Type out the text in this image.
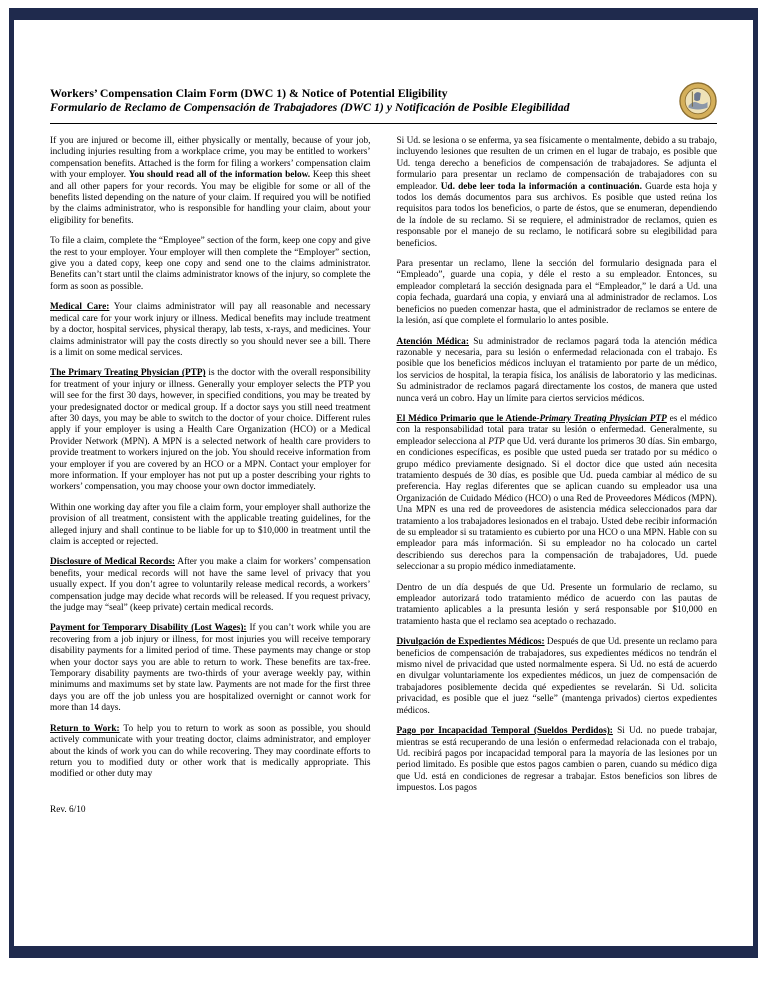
Workers’ Compensation Claim Form (DWC 1) & Notice of Potential Eligibility
Formulario de Reclamo de Compensación de Trabajadores (DWC 1) y Notificación de Posible Elegibilidad

If you are injured or become ill, either physically or mentally, because of your job, including injuries resulting from a workplace crime, you may be entitled to workers’ compensation benefits. Attached is the form for filing a workers’ compensation claim with your employer. You should read all of the information below. Keep this sheet and all other papers for your records. You may be eligible for some or all of the benefits listed depending on the nature of your claim. If required you will be notified by the claims administrator, who is responsible for handling your claim, about your eligibility for benefits.

To file a claim, complete the “Employee” section of the form, keep one copy and give the rest to your employer. Your employer will then complete the “Employer” section, give you a dated copy, keep one copy and send one to the claims administrator. Benefits can’t start until the claims administrator knows of the injury, so complete the form as soon as possible.

Medical Care: Your claims administrator will pay all reasonable and necessary medical care for your work injury or illness. Medical benefits may include treatment by a doctor, hospital services, physical therapy, lab tests, x-rays, and medicines. Your claims administrator will pay the costs directly so you should never see a bill. There is a limit on some medical services.

The Primary Treating Physician (PTP) is the doctor with the overall responsibility for treatment of your injury or illness. Generally your employer selects the PTP you will see for the first 30 days, however, in specified conditions, you may be treated by your predesignated doctor or medical group. If a doctor says you still need treatment after 30 days, you may be able to switch to the doctor of your choice. Different rules apply if your employer is using a Health Care Organization (HCO) or a Medical Provider Network (MPN). A MPN is a selected network of health care providers to provide treatment to workers injured on the job. You should receive information from your employer if you are covered by an HCO or a MPN. Contact your employer for more information. If your employer has not put up a poster describing your rights to workers’ compensation, you may choose your own doctor immediately.

Within one working day after you file a claim form, your employer shall authorize the provision of all treatment, consistent with the applicable treating guidelines, for the alleged injury and shall continue to be liable for up to $10,000 in treatment until the claim is accepted or rejected.

Disclosure of Medical Records: After you make a claim for workers’ compensation benefits, your medical records will not have the same level of privacy that you usually expect. If you don’t agree to voluntarily release medical records, a workers’ compensation judge may decide what records will be released. If you request privacy, the judge may “seal” (keep private) certain medical records.

Payment for Temporary Disability (Lost Wages): If you can’t work while you are recovering from a job injury or illness, for most injuries you will receive temporary disability payments for a limited period of time. These payments may change or stop when your doctor says you are able to return to work. These benefits are tax-free. Temporary disability payments are two-thirds of your average weekly pay, within minimums and maximums set by state law. Payments are not made for the first three days you are off the job unless you are hospitalized overnight or cannot work for more than 14 days.

Return to Work: To help you to return to work as soon as possible, you should actively communicate with your treating doctor, claims administrator, and employer about the kinds of work you can do while recovering. They may coordinate efforts to return you to modified duty or other work that is medically appropriate. This modified or other duty may

Si Ud. se lesiona o se enferma, ya sea físicamente o mentalmente, debido a su trabajo, incluyendo lesiones que resulten de un crimen en el lugar de trabajo, es posible que Ud. tenga derecho a beneficios de compensación de trabajadores. Se adjunta el formulario para presentar un reclamo de compensación de trabajadores con su empleador. Ud. debe leer toda la información a continuación. Guarde esta hoja y todos los demás documentos para sus archivos. Es posible que usted reúna los requisitos para todos los beneficios, o parte de éstos, que se enumeran, dependiendo de la índole de su reclamo. Si se requiere, el administrador de reclamos, quien es responsable por el manejo de su reclamo, le notificará sobre su elegibilidad para beneficios.

Para presentar un reclamo, llene la sección del formulario designada para el “Empleado”, guarde una copia, y déle el resto a su empleador. Entonces, su empleador completará la sección designada para el “Empleador,” le dará a Ud. una copia fechada, guardará una copia, y enviará una al administrador de reclamos. Los beneficios no pueden comenzar hasta, que el administrador de reclamos se entere de la lesión, así que complete el formulario lo antes posible.

Atención Médica: Su administrador de reclamos pagará toda la atención médica razonable y necesaria, para su lesión o enfermedad relacionada con el trabajo. Es posible que los beneficios médicos incluyan el tratamiento por parte de un médico, los servicios de hospital, la terapia física, los análisis de laboratorio y las medicinas. Su administrador de reclamos pagará directamente los costos, de manera que usted nunca verá un cobro. Hay un límite para ciertos servicios médicos.

El Médico Primario que le Atiende-Primary Treating Physician PTP es el médico con la responsabilidad total para tratar su lesión o enfermedad. Generalmente, su empleador selecciona al PTP que Ud. verá durante los primeros 30 días. Sin embargo, en condiciones específicas, es posible que usted pueda ser tratado por su médico o grupo médico previamente designado. Si el doctor dice que usted aún necesita tratamiento después de 30 días, es posible que Ud. pueda cambiar al médico de su preferencia. Hay reglas diferentes que se aplican cuando su empleador usa una Organización de Cuidado Médico (HCO) o una Red de Proveedores Médicos (MPN). Una MPN es una red de proveedores de asistencia médica seleccionados para dar tratamiento a los trabajadores lesionados en el trabajo. Usted debe recibir información de su empleador si su tratamiento es cubierto por una HCO o una MPN. Hable con su empleador para más información. Si su empleador no ha colocado un cartel describiendo sus derechos para la compensación de trabajadores, Ud. puede seleccionar a su propio médico inmediatamente.

Dentro de un día después de que Ud. Presente un formulario de reclamo, su empleador autorizará todo tratamiento médico de acuerdo con las pautas de tratamiento aplicables a la presunta lesión y será responsable por $10,000 en tratamiento hasta que el reclamo sea aceptado o rechazado.

Divulgación de Expedientes Médicos: Después de que Ud. presente un reclamo para beneficios de compensación de trabajadores, sus expedientes médicos no tendrán el mismo nivel de privacidad que usted normalmente espera. Si Ud. no está de acuerdo en divulgar voluntariamente los expedientes médicos, un juez de compensación de trabajadores posiblemente decida qué expedientes se revelarán. Si Ud. solicita privacidad, es posible que el juez “selle” (mantenga privados) ciertos expedientes médicos.

Pago por Incapacidad Temporal (Sueldos Perdidos): Si Ud. no puede trabajar, mientras se está recuperando de una lesión o enfermedad relacionada con el trabajo, Ud. recibirá pagos por incapacidad temporal para la mayoría de las lesiones por un period limitado. Es posible que estos pagos cambien o paren, cuando su médico diga que Ud. está en condiciones de regresar a trabajar. Estos beneficios son libres de impuestos. Los pagos

Rev. 6/10
